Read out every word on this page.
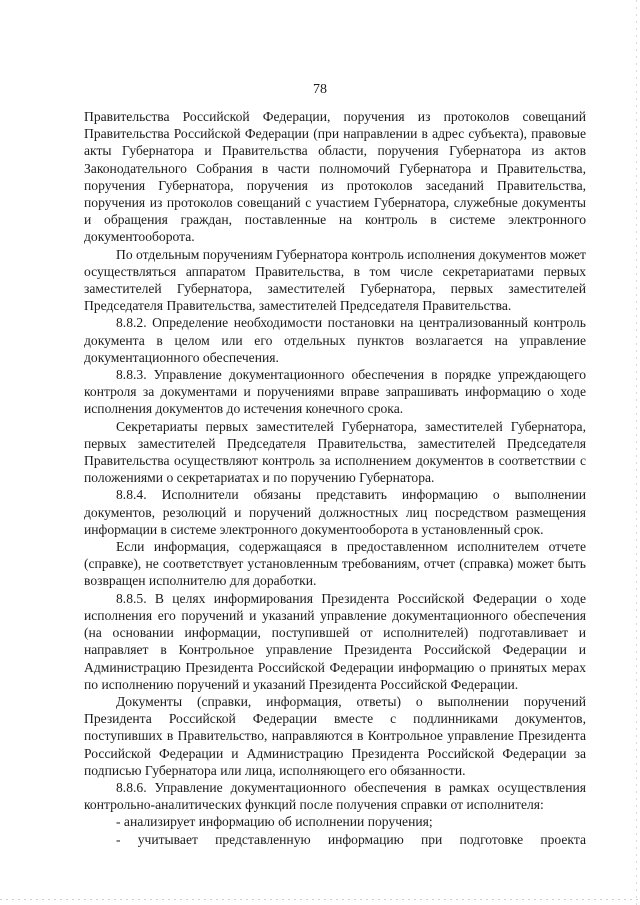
78

Правительства Российской Федерации, поручения из протоколов совещаний Правительства Российской Федерации (при направлении в адрес субъекта), правовые акты Губернатора и Правительства области, поручения Губернатора из актов Законодательного Собрания в части полномочий Губернатора и Правительства, поручения Губернатора, поручения из протоколов заседаний Правительства, поручения из протоколов совещаний с участием Губернатора, служебные документы и обращения граждан, поставленные на контроль в системе электронного документооборота.

По отдельным поручениям Губернатора контроль исполнения документов может осуществляться аппаратом Правительства, в том числе секретариатами первых заместителей Губернатора, заместителей Губернатора, первых заместителей Председателя Правительства, заместителей Председателя Правительства.

8.8.2. Определение необходимости постановки на централизованный контроль документа в целом или его отдельных пунктов возлагается на управление документационного обеспечения.

8.8.3. Управление документационного обеспечения в порядке упреждающего контроля за документами и поручениями вправе запрашивать информацию о ходе исполнения документов до истечения конечного срока.

Секретариаты первых заместителей Губернатора, заместителей Губернатора, первых заместителей Председателя Правительства, заместителей Председателя Правительства осуществляют контроль за исполнением документов в соответствии с положениями о секретариатах и по поручению Губернатора.

8.8.4. Исполнители обязаны представить информацию о выполнении документов, резолюций и поручений должностных лиц посредством размещения информации в системе электронного документооборота в установленный срок.

Если информация, содержащаяся в предоставленном исполнителем отчете (справке), не соответствует установленным требованиям, отчет (справка) может быть возвращен исполнителю для доработки.

8.8.5. В целях информирования Президента Российской Федерации о ходе исполнения его поручений и указаний управление документационного обеспечения (на основании информации, поступившей от исполнителей) подготавливает и направляет в Контрольное управление Президента Российской Федерации и Администрацию Президента Российской Федерации информацию о принятых мерах по исполнению поручений и указаний Президента Российской Федерации.

Документы (справки, информация, ответы) о выполнении поручений Президента Российской Федерации вместе с подлинниками документов, поступивших в Правительство, направляются в Контрольное управление Президента Российской Федерации и Администрацию Президента Российской Федерации за подписью Губернатора или лица, исполняющего его обязанности.

8.8.6. Управление документационного обеспечения в рамках осуществления контрольно-аналитических функций после получения справки от исполнителя:

- анализирует информацию об исполнении поручения;

- учитывает представленную информацию при подготовке проекта
